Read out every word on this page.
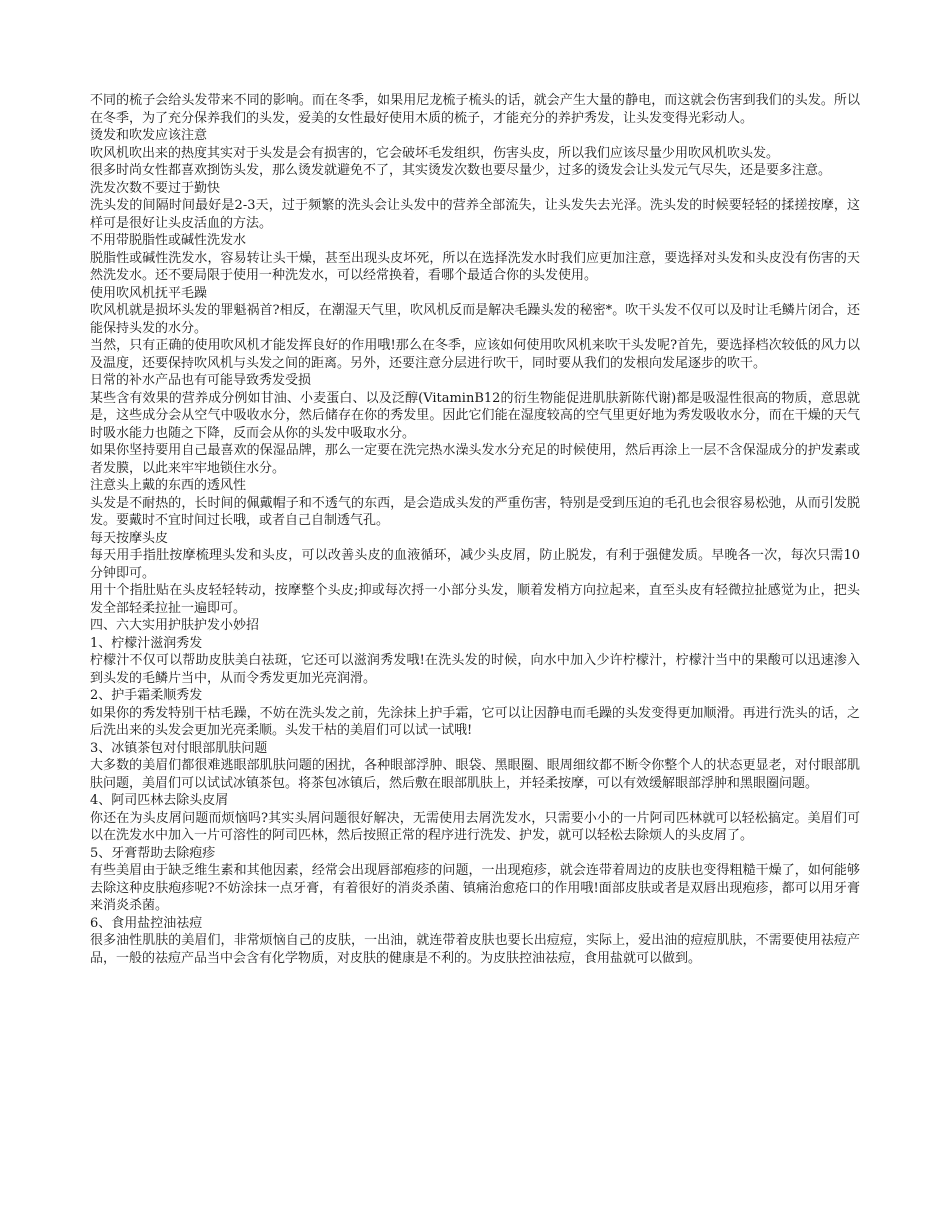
不同的梳子会给头发带来不同的影响。而在冬季，如果用尼龙梳子梳头的话，就会产生大量的静电，而这就会伤害到我们的头发。所以在冬季，为了充分保养我们的头发，爱美的女性最好使用木质的梳子，才能充分的养护秀发，让头发变得光彩动人。
烫发和吹发应该注意
吹风机吹出来的热度其实对于头发是会有损害的，它会破坏毛发组织，伤害头皮，所以我们应该尽量少用吹风机吹头发。
很多时尚女性都喜欢捯饬头发，那么烫发就避免不了，其实烫发次数也要尽量少，过多的烫发会让头发元气尽失，还是要多注意。
洗发次数不要过于勤快
洗头发的间隔时间最好是2-3天，过于频繁的洗头会让头发中的营养全部流失，让头发失去光泽。洗头发的时候要轻轻的揉搓按摩，这样可是很好让头皮活血的方法。
不用带脱脂性或碱性洗发水
脱脂性或碱性洗发水，容易转让头干燥，甚至出现头皮坏死，所以在选择洗发水时我们应更加注意，要选择对头发和头皮没有伤害的天然洗发水。还不要局限于使用一种洗发水，可以经常换着，看哪个最适合你的头发使用。
使用吹风机抚平毛躁
吹风机就是损坏头发的罪魁祸首?相反，在潮湿天气里，吹风机反而是解决毛躁头发的秘密*。吹干头发不仅可以及时让毛鳞片闭合，还能保持头发的水分。
当然，只有正确的使用吹风机才能发挥良好的作用哦!那么在冬季，应该如何使用吹风机来吹干头发呢?首先，要选择档次较低的风力以及温度，还要保持吹风机与头发之间的距离。另外，还要注意分层进行吹干，同时要从我们的发根向发尾逐步的吹干。
日常的补水产品也有可能导致秀发受损
某些含有效果的营养成分例如甘油、小麦蛋白、以及泛醇(VitaminB12的衍生物能促进肌肤新陈代谢)都是吸湿性很高的物质，意思就是，这些成分会从空气中吸收水分，然后储存在你的秀发里。因此它们能在湿度较高的空气里更好地为秀发吸收水分，而在干燥的天气时吸水能力也随之下降，反而会从你的头发中吸取水分。
如果你坚持要用自己最喜欢的保湿品牌，那么一定要在洗完热水澡头发水分充足的时候使用，然后再涂上一层不含保湿成分的护发素或者发膜，以此来牢牢地锁住水分。
注意头上戴的东西的透风性
头发是不耐热的，长时间的佩戴帽子和不透气的东西，是会造成头发的严重伤害，特别是受到压迫的毛孔也会很容易松弛，从而引发脱发。要戴时不宜时间过长哦，或者自己自制透气孔。
每天按摩头皮
每天用手指肚按摩梳理头发和头皮，可以改善头皮的血液循环，减少头皮屑，防止脱发，有利于强健发质。早晚各一次，每次只需10分钟即可。
用十个指肚贴在头皮轻轻转动，按摩整个头皮;抑或每次捋一小部分头发，顺着发梢方向拉起来，直至头皮有轻微拉扯感觉为止，把头发全部轻柔拉扯一遍即可。
四、六大实用护肤护发小妙招
1、柠檬汁滋润秀发
柠檬汁不仅可以帮助皮肤美白祛斑，它还可以滋润秀发哦!在洗头发的时候，向水中加入少许柠檬汁，柠檬汁当中的果酸可以迅速渗入到头发的毛鳞片当中，从而令秀发更加光亮润滑。
2、护手霜柔顺秀发
如果你的秀发特别干枯毛躁，不妨在洗头发之前，先涂抹上护手霜，它可以让因静电而毛躁的头发变得更加顺滑。再进行洗头的话，之后洗出来的头发会更加光亮柔顺。头发干枯的美眉们可以试一试哦!
3、冰镇茶包对付眼部肌肤问题
大多数的美眉们都很难逃眼部肌肤问题的困扰，各种眼部浮肿、眼袋、黑眼圈、眼周细纹都不断令你整个人的状态更显老，对付眼部肌肤问题，美眉们可以试试冰镇茶包。将茶包冰镇后，然后敷在眼部肌肤上，并轻柔按摩，可以有效缓解眼部浮肿和黑眼圈问题。
4、阿司匹林去除头皮屑
你还在为头皮屑问题而烦恼吗?其实头屑问题很好解决，无需使用去屑洗发水，只需要小小的一片阿司匹林就可以轻松搞定。美眉们可以在洗发水中加入一片可溶性的阿司匹林，然后按照正常的程序进行洗发、护发，就可以轻松去除烦人的头皮屑了。
5、牙膏帮助去除疱疹
有些美眉由于缺乏维生素和其他因素，经常会出现唇部疱疹的问题，一出现疱疹，就会连带着周边的皮肤也变得粗糙干燥了，如何能够去除这种皮肤疱疹呢?不妨涂抹一点牙膏，有着很好的消炎杀菌、镇痛治愈疮口的作用哦!面部皮肤或者是双唇出现疱疹，都可以用牙膏来消炎杀菌。
6、食用盐控油祛痘
很多油性肌肤的美眉们，非常烦恼自己的皮肤，一出油，就连带着皮肤也要长出痘痘，实际上，爱出油的痘痘肌肤，不需要使用祛痘产品，一般的祛痘产品当中会含有化学物质，对皮肤的健康是不利的。为皮肤控油祛痘，食用盐就可以做到。
